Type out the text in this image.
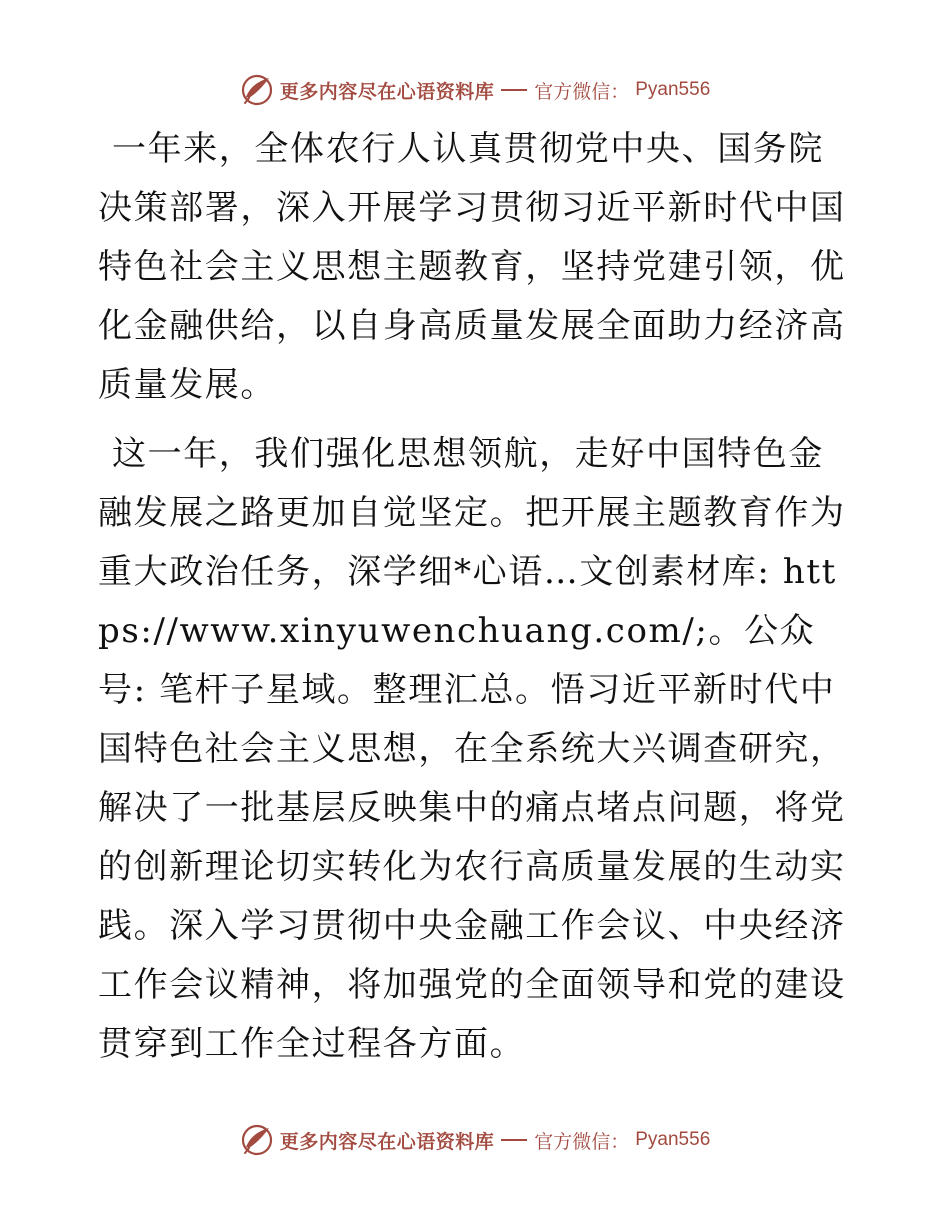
更多内容尽在心语资料库 官方微信： Pyan556

一年来，全体农行人认真贯彻党中央、国务院决策部署，深入开展学习贯彻习近平新时代中国特色社会主义思想主题教育，坚持党建引领，优化金融供给，以自身高质量发展全面助力经济高质量发展。

这一年，我们强化思想领航，走好中国特色金融发展之路更加自觉坚定。把开展主题教育作为重大政治任务，深学细*心语…文创素材库: https://www.xinyuwenchuang.com/;。公众号: 笔杆子星域。整理汇总。悟习近平新时代中国特色社会主义思想，在全系统大兴调查研究，解决了一批基层反映集中的痛点堵点问题，将党的创新理论切实转化为农行高质量发展的生动实践。深入学习贯彻中央金融工作会议、中央经济工作会议精神，将加强党的全面领导和党的建设贯穿到工作全过程各方面。

更多内容尽在心语资料库 官方微信： Pyan556
